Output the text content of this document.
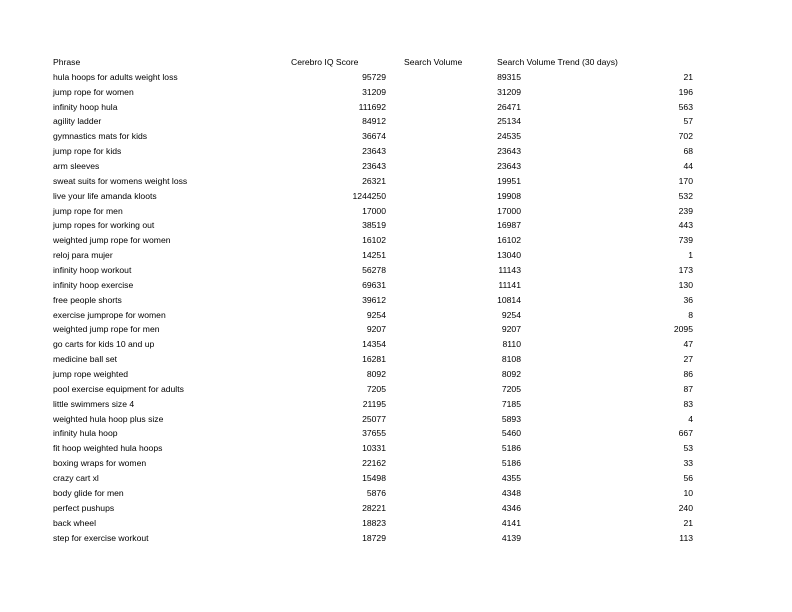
Phrase	Cerebro IQ Score	Search Volume	Search Volume Trend (30 days)
hula hoops for adults weight loss	95729	89315	21
jump rope for women	31209	31209	196
infinity hoop hula	111692	26471	563
agility ladder	84912	25134	57
gymnastics mats for kids	36674	24535	702
jump rope for kids	23643	23643	68
arm sleeves	23643	23643	44
sweat suits for womens weight loss	26321	19951	170
live your life amanda kloots	1244250	19908	532
jump rope for men	17000	17000	239
jump ropes for working out	38519	16987	443
weighted jump rope for women	16102	16102	739
reloj para mujer	14251	13040	1
infinity hoop workout	56278	11143	173
infinity hoop exercise	69631	11141	130
free people shorts	39612	10814	36
exercise jumprope for women	9254	9254	8
weighted jump rope for men	9207	9207	2095
go carts for kids 10 and up	14354	8110	47
medicine ball set	16281	8108	27
jump rope weighted	8092	8092	86
pool exercise equipment for adults	7205	7205	87
little swimmers size 4	21195	7185	83
weighted hula hoop plus size	25077	5893	4
infinity hula hoop	37655	5460	667
fit hoop weighted hula hoops	10331	5186	53
boxing wraps for women	22162	5186	33
crazy cart xl	15498	4355	56
body glide for men	5876	4348	10
perfect pushups	28221	4346	240
back wheel	18823	4141	21
step for exercise workout	18729	4139	113
